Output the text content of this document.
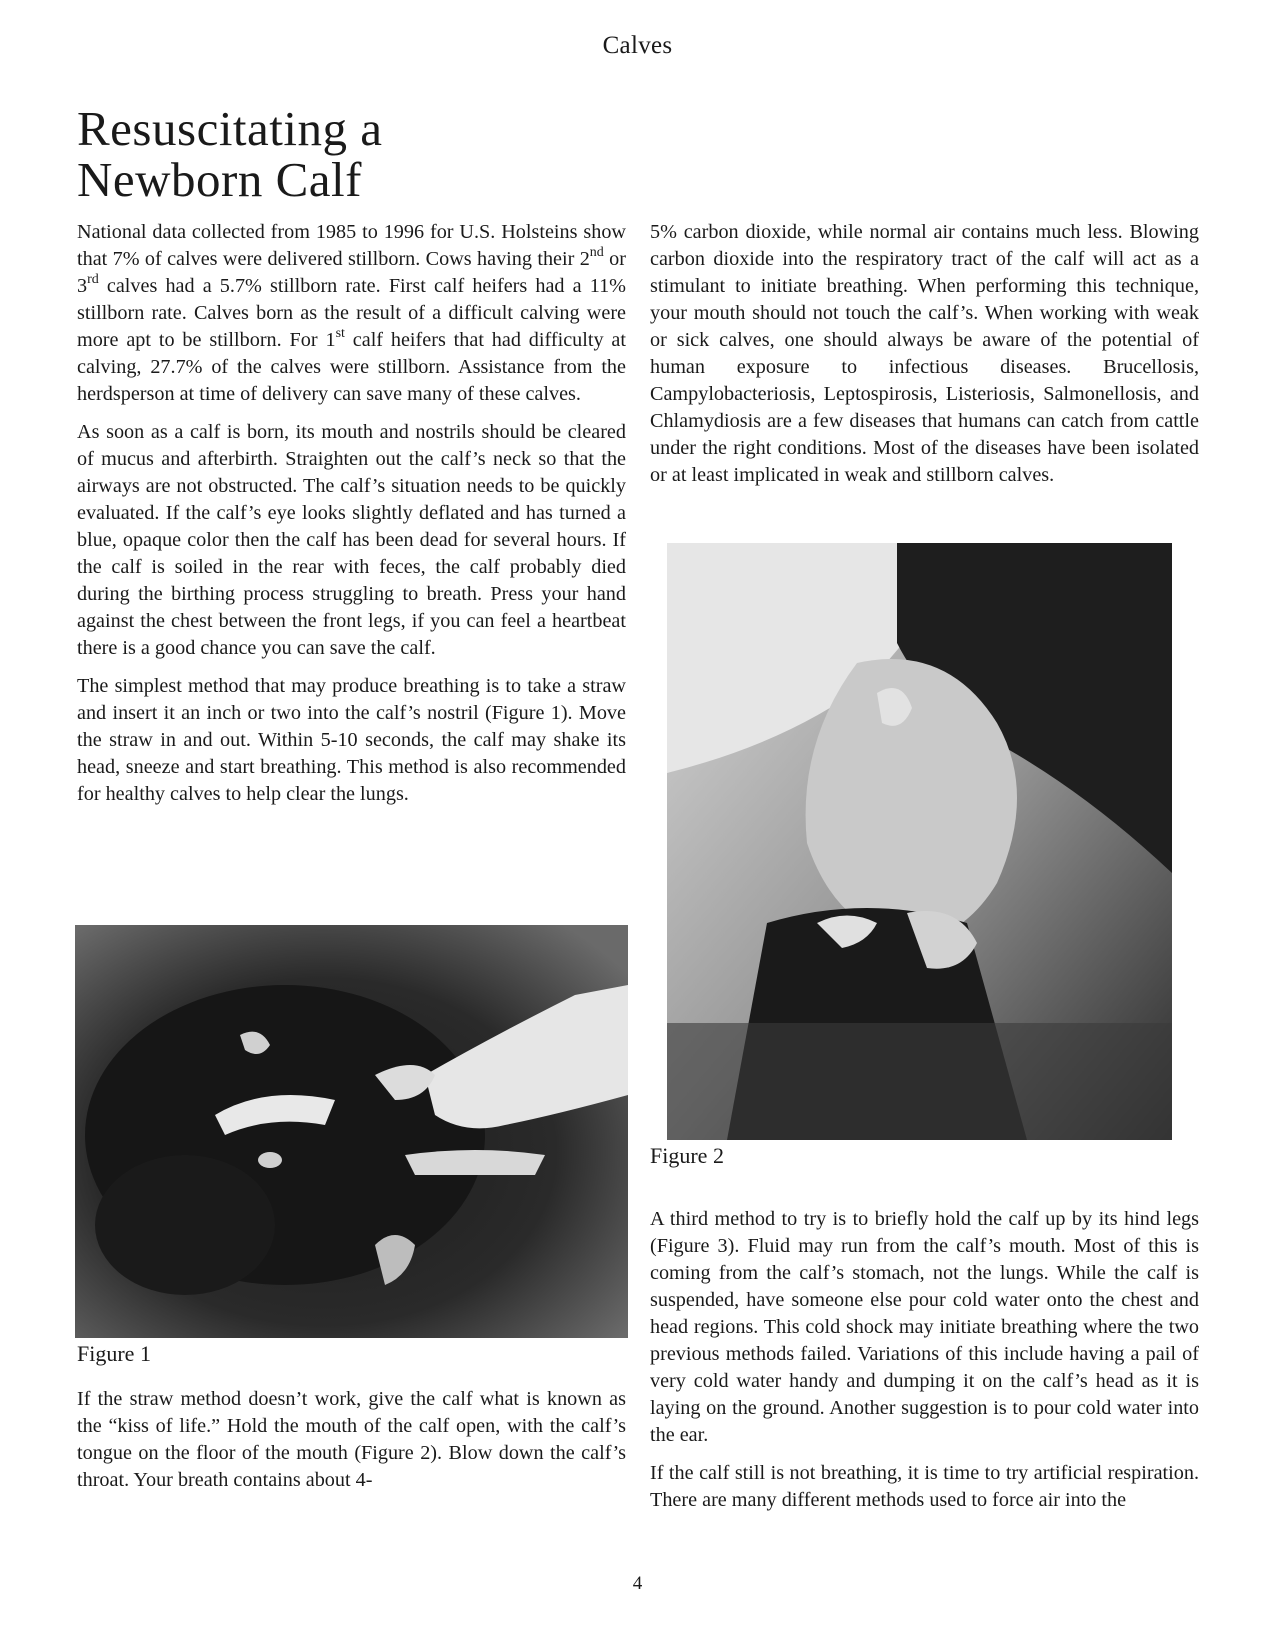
Calves
Resuscitating a
Newborn Calf

National data collected from 1985 to 1996 for U.S. Holsteins show that 7% of calves were delivered stillborn. Cows having their 2nd or 3rd calves had a 5.7% stillborn rate. First calf heifers had a 11% stillborn rate. Calves born as the result of a difficult calving were more apt to be stillborn. For 1st calf heifers that had difficulty at calving, 27.7% of the calves were stillborn. Assistance from the herdsperson at time of delivery can save many of these calves.

As soon as a calf is born, its mouth and nostrils should be cleared of mucus and afterbirth. Straighten out the calf’s neck so that the airways are not obstructed. The calf’s situation needs to be quickly evaluated. If the calf’s eye looks slightly deflated and has turned a blue, opaque color then the calf has been dead for several hours. If the calf is soiled in the rear with feces, the calf probably died during the birthing process struggling to breath. Press your hand against the chest between the front legs, if you can feel a heartbeat there is a good chance you can save the calf.

The simplest method that may produce breathing is to take a straw and insert it an inch or two into the calf’s nostril (Figure 1). Move the straw in and out. Within 5-10 seconds, the calf may shake its head, sneeze and start breathing. This method is also recommended for healthy calves to help clear the lungs.

Figure 1

If the straw method doesn’t work, give the calf what is known as the “kiss of life.” Hold the mouth of the calf open, with the calf’s tongue on the floor of the mouth (Figure 2). Blow down the calf’s throat. Your breath contains about 4-

5% carbon dioxide, while normal air contains much less. Blowing carbon dioxide into the respiratory tract of the calf will act as a stimulant to initiate breathing. When performing this technique, your mouth should not touch the calf’s. When working with weak or sick calves, one should always be aware of the potential of human exposure to infectious diseases. Brucellosis, Campylobacteriosis, Leptospirosis, Listeriosis, Salmonellosis, and Chlamydiosis are a few diseases that humans can catch from cattle under the right conditions. Most of the diseases have been isolated or at least implicated in weak and stillborn calves.

Figure 2

A third method to try is to briefly hold the calf up by its hind legs (Figure 3). Fluid may run from the calf’s mouth. Most of this is coming from the calf’s stomach, not the lungs. While the calf is suspended, have someone else pour cold water onto the chest and head regions. This cold shock may initiate breathing where the two previous methods failed. Variations of this include having a pail of very cold water handy and dumping it on the calf’s head as it is laying on the ground. Another suggestion is to pour cold water into the ear.

If the calf still is not breathing, it is time to try artificial respiration. There are many different methods used to force air into the

4
